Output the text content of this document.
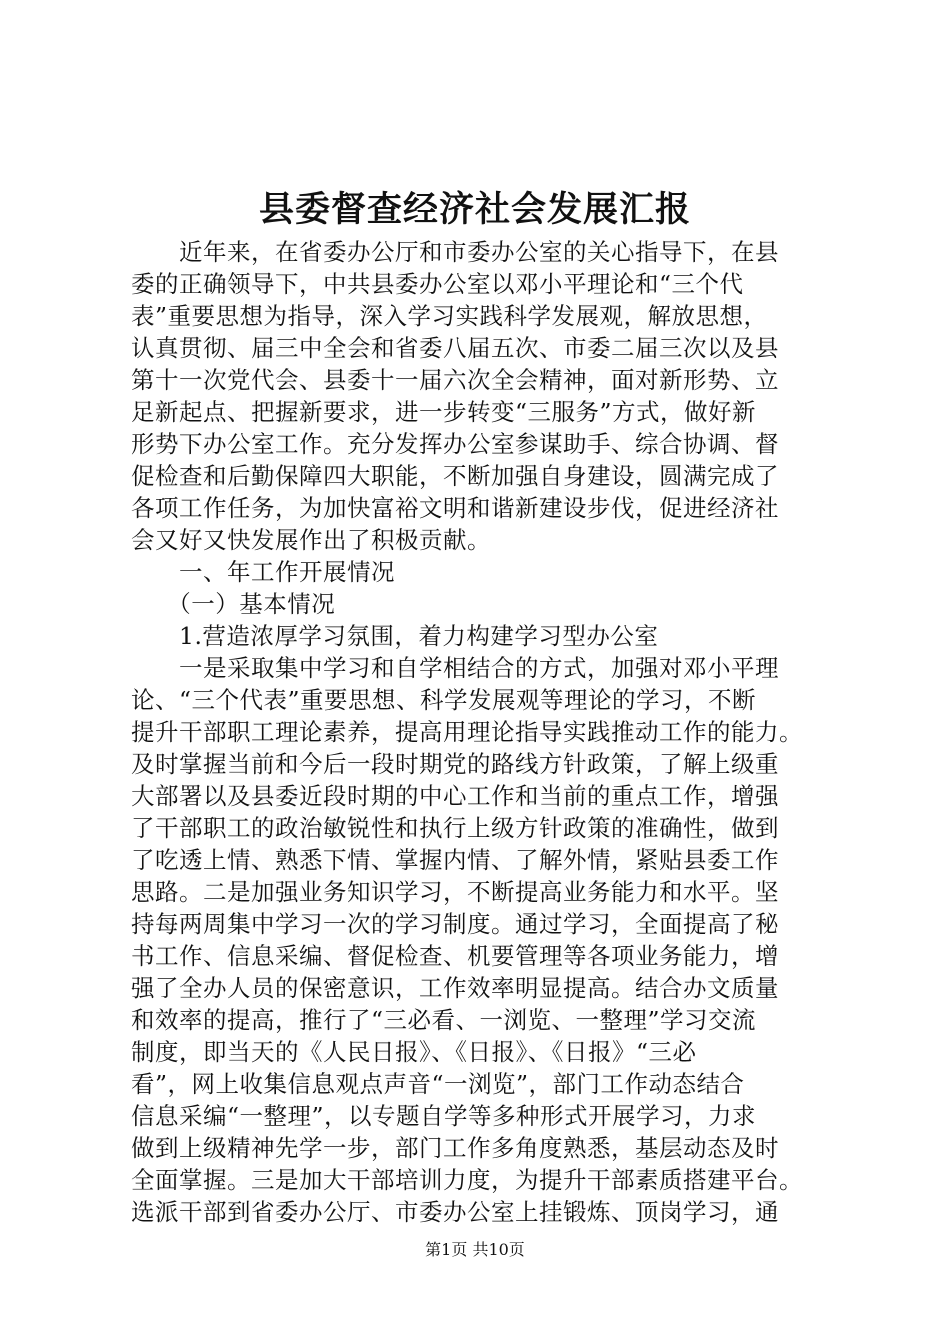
县委督查经济社会发展汇报
　　近年来，在省委办公厅和市委办公室的关心指导下，在县
委的正确领导下，中共县委办公室以邓小平理论和“三个代
表”重要思想为指导，深入学习实践科学发展观，解放思想，
认真贯彻、届三中全会和省委八届五次、市委二届三次以及县
第十一次党代会、县委十一届六次全会精神，面对新形势、立
足新起点、把握新要求，进一步转变“三服务”方式，做好新
形势下办公室工作。充分发挥办公室参谋助手、综合协调、督
促检查和后勤保障四大职能，不断加强自身建设，圆满完成了
各项工作任务，为加快富裕文明和谐新建设步伐，促进经济社
会又好又快发展作出了积极贡献。
　　一、年工作开展情况
　　（一）基本情况
　　1.营造浓厚学习氛围，着力构建学习型办公室
　　一是采取集中学习和自学相结合的方式，加强对邓小平理
论、“三个代表”重要思想、科学发展观等理论的学习，不断
提升干部职工理论素养，提高用理论指导实践推动工作的能力。
及时掌握当前和今后一段时期党的路线方针政策，了解上级重
大部署以及县委近段时期的中心工作和当前的重点工作，增强
了干部职工的政治敏锐性和执行上级方针政策的准确性，做到
了吃透上情、熟悉下情、掌握内情、了解外情，紧贴县委工作
思路。二是加强业务知识学习，不断提高业务能力和水平。坚
持每两周集中学习一次的学习制度。通过学习，全面提高了秘
书工作、信息采编、督促检查、机要管理等各项业务能力，增
强了全办人员的保密意识，工作效率明显提高。结合办文质量
和效率的提高，推行了“三必看、一浏览、一整理”学习交流
制度，即当天的《人民日报》、《日报》、《日报》“三必
看”，网上收集信息观点声音“一浏览”，部门工作动态结合
信息采编“一整理”，以专题自学等多种形式开展学习，力求
做到上级精神先学一步，部门工作多角度熟悉，基层动态及时
全面掌握。三是加大干部培训力度，为提升干部素质搭建平台。
选派干部到省委办公厅、市委办公室上挂锻炼、顶岗学习，通
第1页 共10页
